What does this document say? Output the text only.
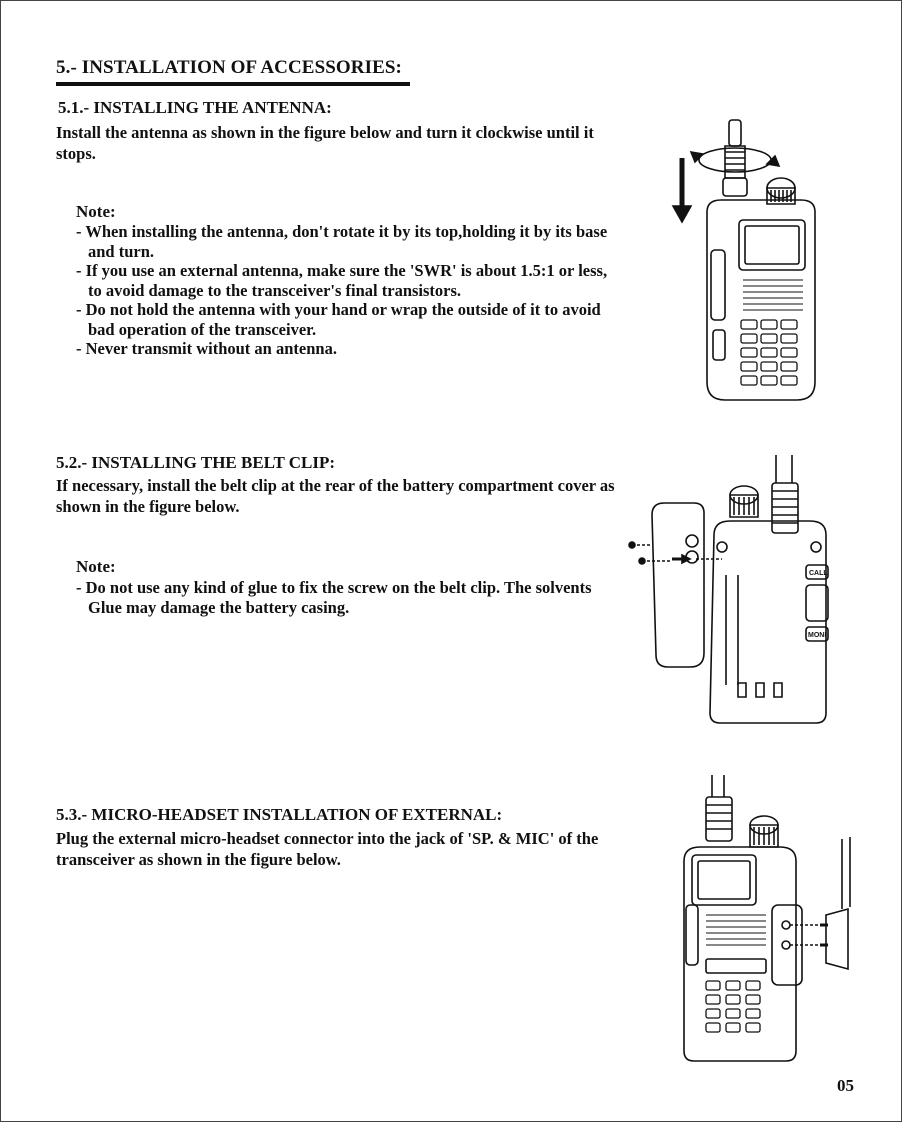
5.- INSTALLATION OF ACCESSORIES:
5.1.- INSTALLING THE ANTENNA:
Install the antenna as shown in the figure below and turn it clockwise until it stops.
Note:
- When installing the antenna, don't rotate it by its top,holding it by its base and turn.
- If you use an external antenna, make sure the 'SWR' is about 1.5:1 or less, to avoid damage to the transceiver's final transistors.
- Do not hold the antenna with your hand or wrap the outside of it to avoid bad operation of the transceiver.
- Never transmit without an antenna.
5.2.- INSTALLING THE BELT CLIP:
If necessary, install the belt clip at the rear of the battery compartment cover as shown in the figure below.
Note:
- Do not use any kind of glue to fix the screw on the belt clip. The solvents Glue may damage the battery casing.
5.3.- MICRO-HEADSET INSTALLATION OF EXTERNAL:
Plug the external micro-headset connector into the jack of 'SP. & MIC' of the transceiver as shown in the figure below.
CALL
MONI
05
